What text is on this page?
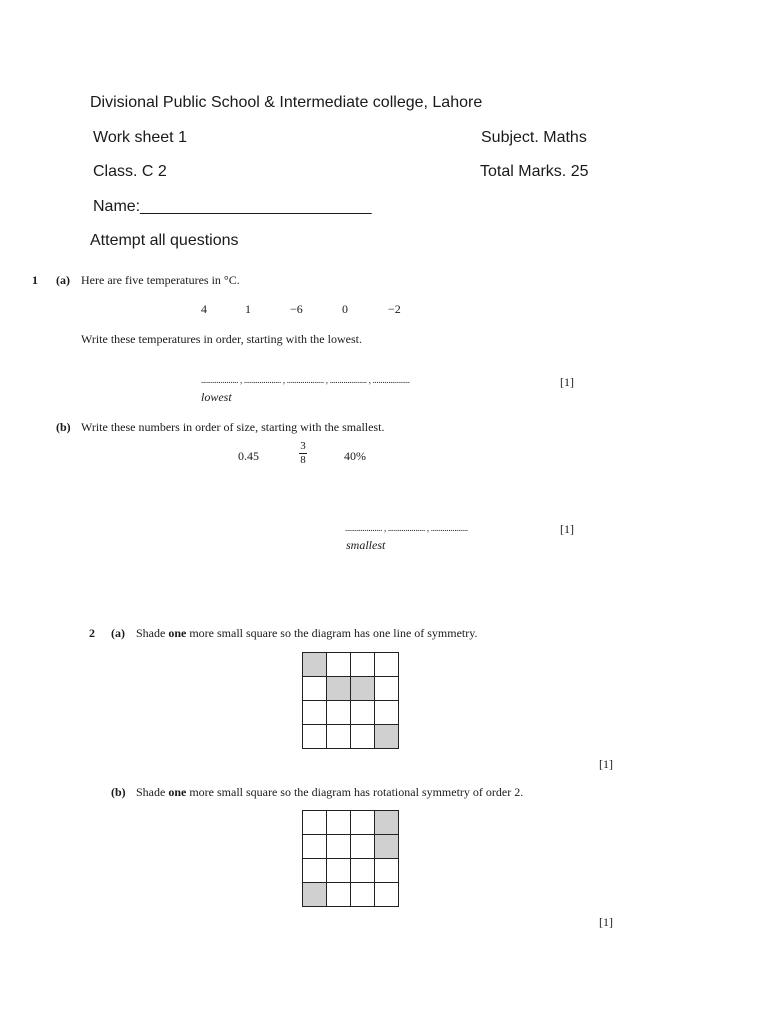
Divisional Public School & Intermediate college, Lahore
Work sheet 1	Subject. Maths
Class. C 2	Total Marks. 25
Name:__________________________
Attempt all questions
1 (a) Here are five temperatures in °C.
4	1	−6	0	−2
Write these temperatures in order, starting with the lowest.
................... , ................... , ................... , ................... , ...................	[1]
lowest
(b) Write these numbers in order of size, starting with the smallest.
0.45	$\frac{3}{8}$	40%
................... , ................... , ...................	[1]
smallest
2 (a) Shade one more small square so the diagram has one line of symmetry.
[1]
(b) Shade one more small square so the diagram has rotational symmetry of order 2.
[1]
